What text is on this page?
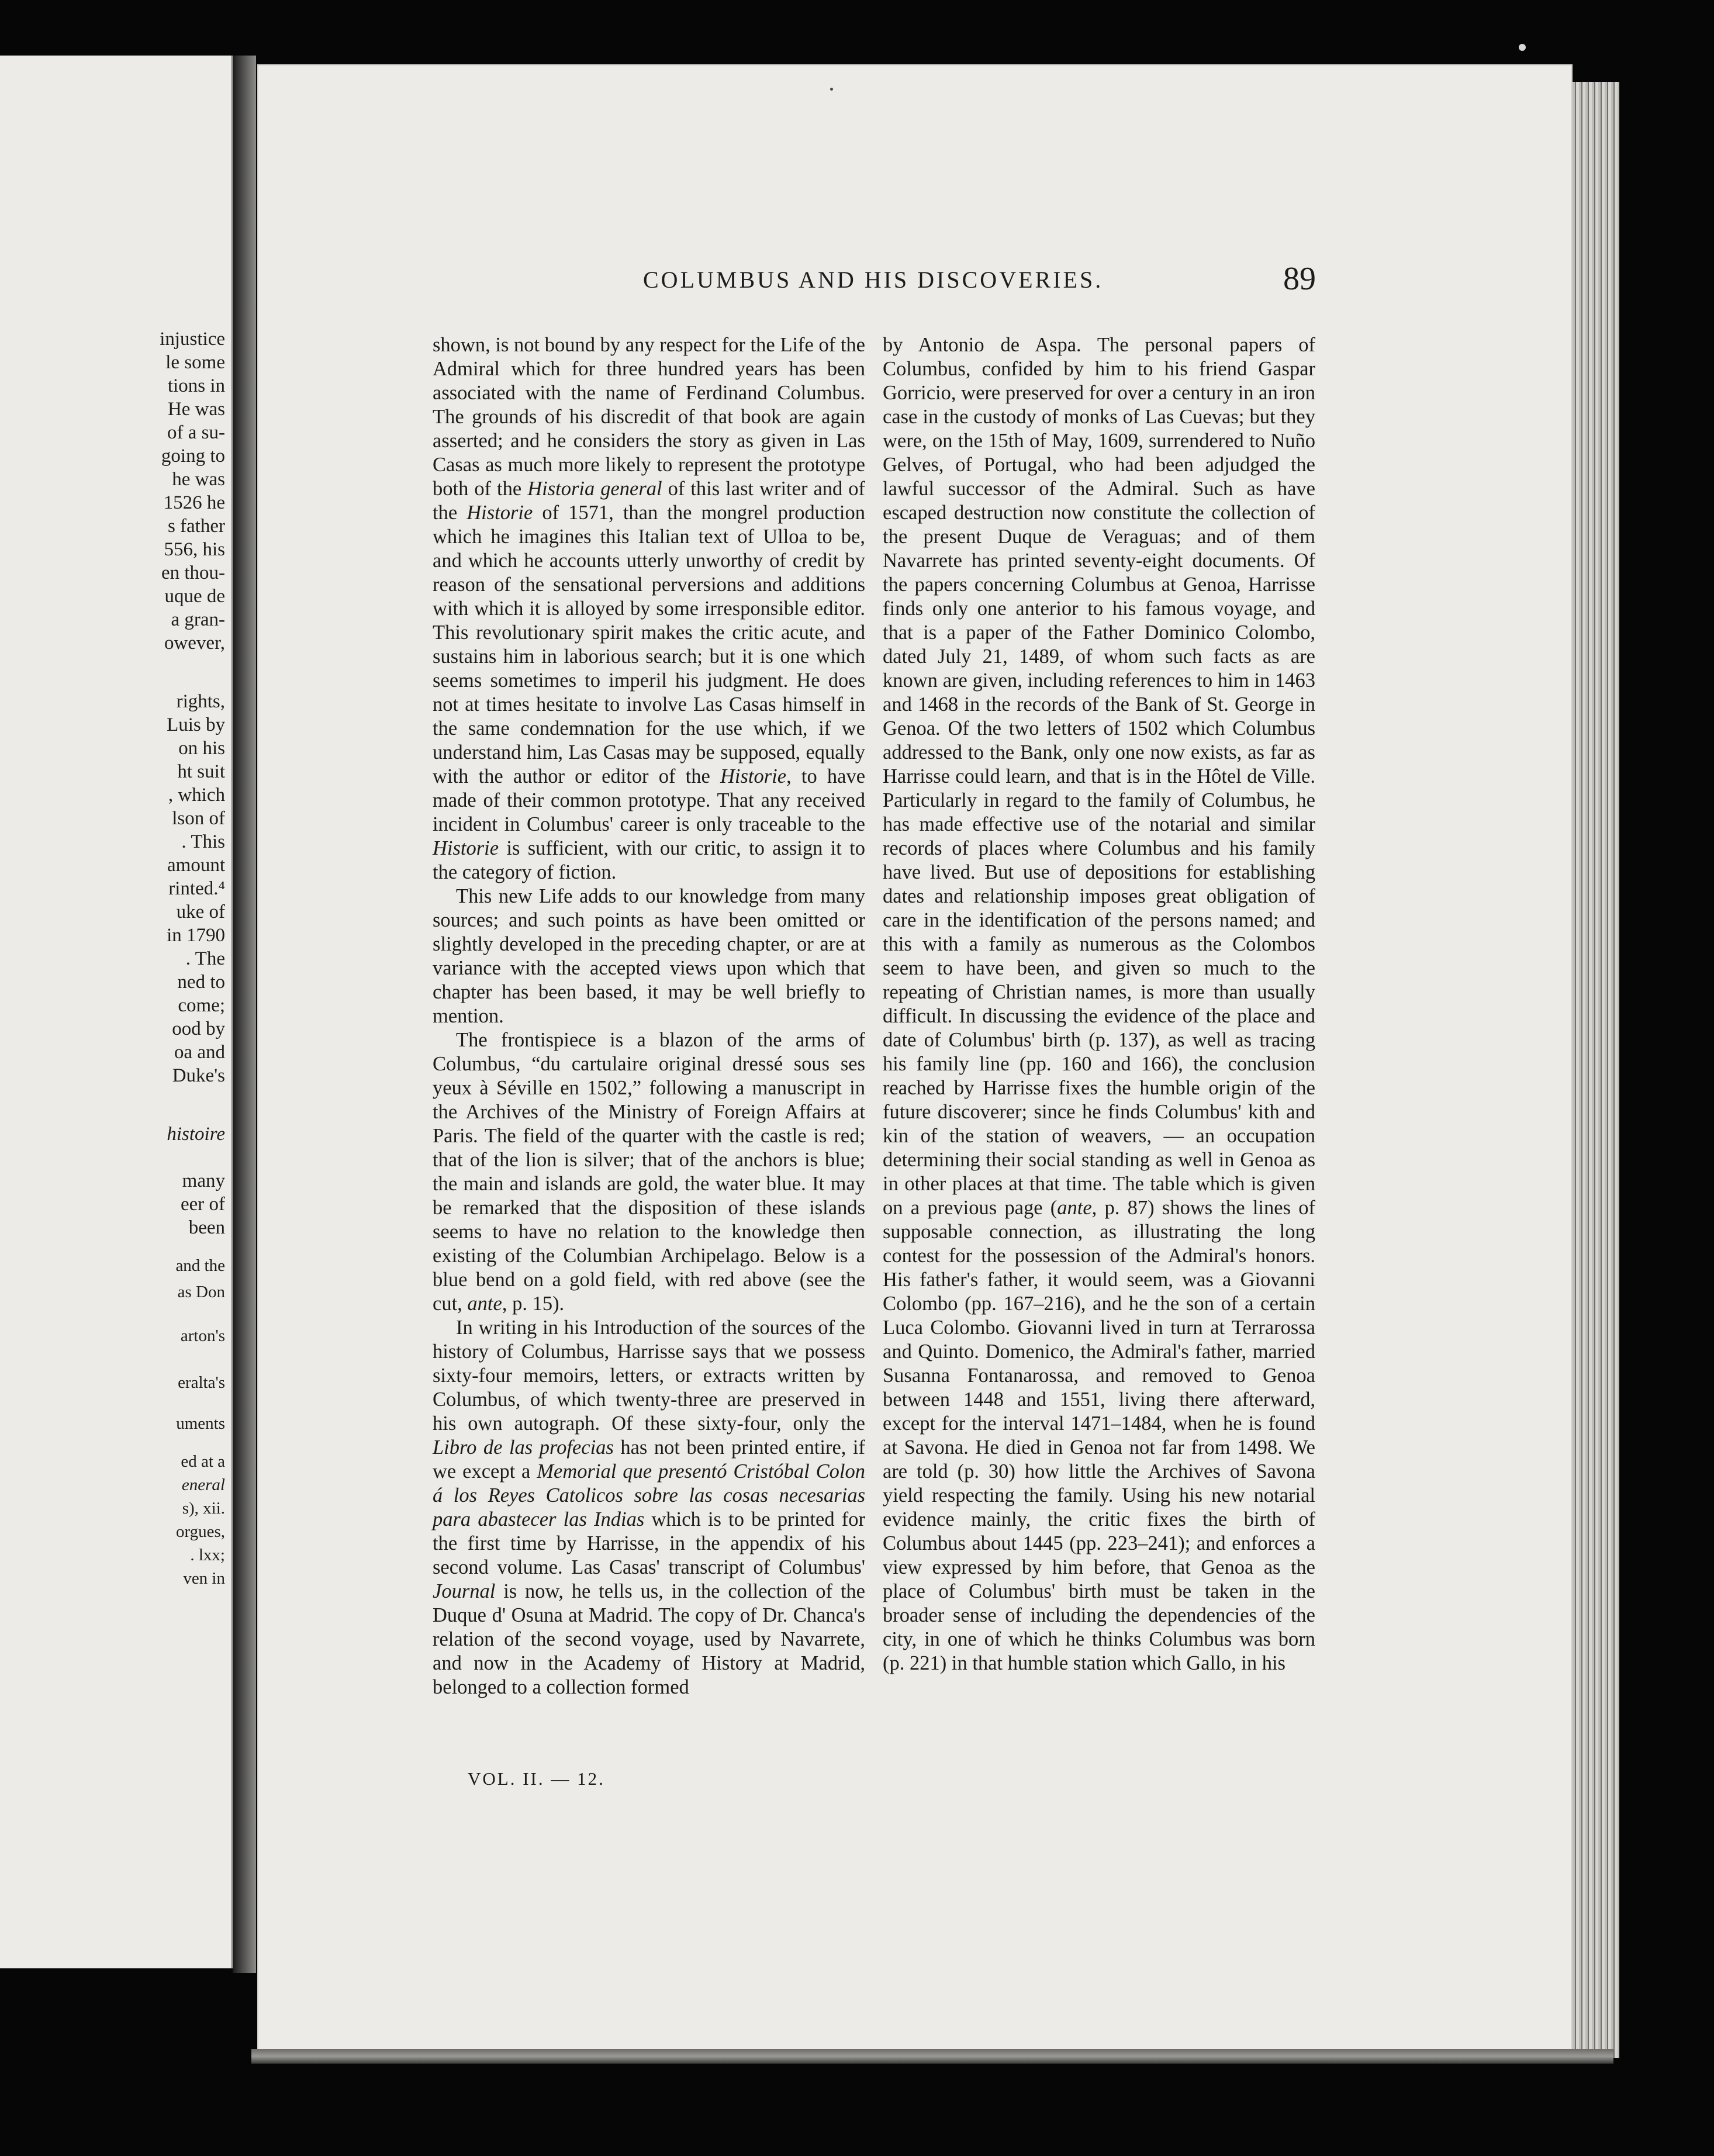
injustice
le some
tions in
He was
of a su-
going to
he was
1526 he
s father
556, his
en thou-
uque de
a gran-
owever,
rights,
Luis by
on his
ht suit
, which
lson of
. This
amount
rinted.⁴
uke of
in 1790
. The
ned to
come;
ood by
oa and
Duke's
histoire
many
eer of
been
and the
as Don
arton's
eralta's
uments
ed at a
eneral
s), xii.
orgues,
. lxx;
ven in
COLUMBUS AND HIS DISCOVERIES.	89

shown, is not bound by any respect for the Life of the Admiral which for three hundred years has been associated with the name of Ferdinand Columbus. The grounds of his discredit of that book are again asserted; and he considers the story as given in Las Casas as much more likely to represent the prototype both of the Historia general of this last writer and of the Historie of 1571, than the mongrel production which he imagines this Italian text of Ulloa to be, and which he accounts utterly unworthy of credit by reason of the sensational perversions and additions with which it is alloyed by some irresponsible editor. This revolutionary spirit makes the critic acute, and sustains him in laborious search; but it is one which seems sometimes to imperil his judgment. He does not at times hesitate to involve Las Casas himself in the same condemnation for the use which, if we understand him, Las Casas may be supposed, equally with the author or editor of the Historie, to have made of their common prototype. That any received incident in Columbus' career is only traceable to the Historie is sufficient, with our critic, to assign it to the category of fiction.

This new Life adds to our knowledge from many sources; and such points as have been omitted or slightly developed in the preceding chapter, or are at variance with the accepted views upon which that chapter has been based, it may be well briefly to mention.

The frontispiece is a blazon of the arms of Columbus, “du cartulaire original dressé sous ses yeux à Séville en 1502,” following a manuscript in the Archives of the Ministry of Foreign Affairs at Paris. The field of the quarter with the castle is red; that of the lion is silver; that of the anchors is blue; the main and islands are gold, the water blue. It may be remarked that the disposition of these islands seems to have no relation to the knowledge then existing of the Columbian Archipelago. Below is a blue bend on a gold field, with red above (see the cut, ante, p. 15).

In writing in his Introduction of the sources of the history of Columbus, Harrisse says that we possess sixty-four memoirs, letters, or extracts written by Columbus, of which twenty-three are preserved in his own autograph. Of these sixty-four, only the Libro de las profecias has not been printed entire, if we except a Memorial que presentó Cristóbal Colon á los Reyes Catolicos sobre las cosas necesarias para abastecer las Indias which is to be printed for the first time by Harrisse, in the appendix of his second volume. Las Casas' transcript of Columbus' Journal is now, he tells us, in the collection of the Duque d' Osuna at Madrid. The copy of Dr. Chanca's relation of the second voyage, used by Navarrete, and now in the Academy of History at Madrid, belonged to a collection formed

by Antonio de Aspa. The personal papers of Columbus, confided by him to his friend Gaspar Gorricio, were preserved for over a century in an iron case in the custody of monks of Las Cuevas; but they were, on the 15th of May, 1609, surrendered to Nuño Gelves, of Portugal, who had been adjudged the lawful successor of the Admiral. Such as have escaped destruction now constitute the collection of the present Duque de Veraguas; and of them Navarrete has printed seventy-eight documents. Of the papers concerning Columbus at Genoa, Harrisse finds only one anterior to his famous voyage, and that is a paper of the Father Dominico Colombo, dated July 21, 1489, of whom such facts as are known are given, including references to him in 1463 and 1468 in the records of the Bank of St. George in Genoa. Of the two letters of 1502 which Columbus addressed to the Bank, only one now exists, as far as Harrisse could learn, and that is in the Hôtel de Ville. Particularly in regard to the family of Columbus, he has made effective use of the notarial and similar records of places where Columbus and his family have lived. But use of depositions for establishing dates and relationship imposes great obligation of care in the identification of the persons named; and this with a family as numerous as the Colombos seem to have been, and given so much to the repeating of Christian names, is more than usually difficult. In discussing the evidence of the place and date of Columbus' birth (p. 137), as well as tracing his family line (pp. 160 and 166), the conclusion reached by Harrisse fixes the humble origin of the future discoverer; since he finds Columbus' kith and kin of the station of weavers, — an occupation determining their social standing as well in Genoa as in other places at that time. The table which is given on a previous page (ante, p. 87) shows the lines of supposable connection, as illustrating the long contest for the possession of the Admiral's honors. His father's father, it would seem, was a Giovanni Colombo (pp. 167–216), and he the son of a certain Luca Colombo. Giovanni lived in turn at Terrarossa and Quinto. Domenico, the Admiral's father, married Susanna Fontanarossa, and removed to Genoa between 1448 and 1551, living there afterward, except for the interval 1471–1484, when he is found at Savona. He died in Genoa not far from 1498. We are told (p. 30) how little the Archives of Savona yield respecting the family. Using his new notarial evidence mainly, the critic fixes the birth of Columbus about 1445 (pp. 223–241); and enforces a view expressed by him before, that Genoa as the place of Columbus' birth must be taken in the broader sense of including the dependencies of the city, in one of which he thinks Columbus was born (p. 221) in that humble station which Gallo, in his

VOL. II. — 12.
